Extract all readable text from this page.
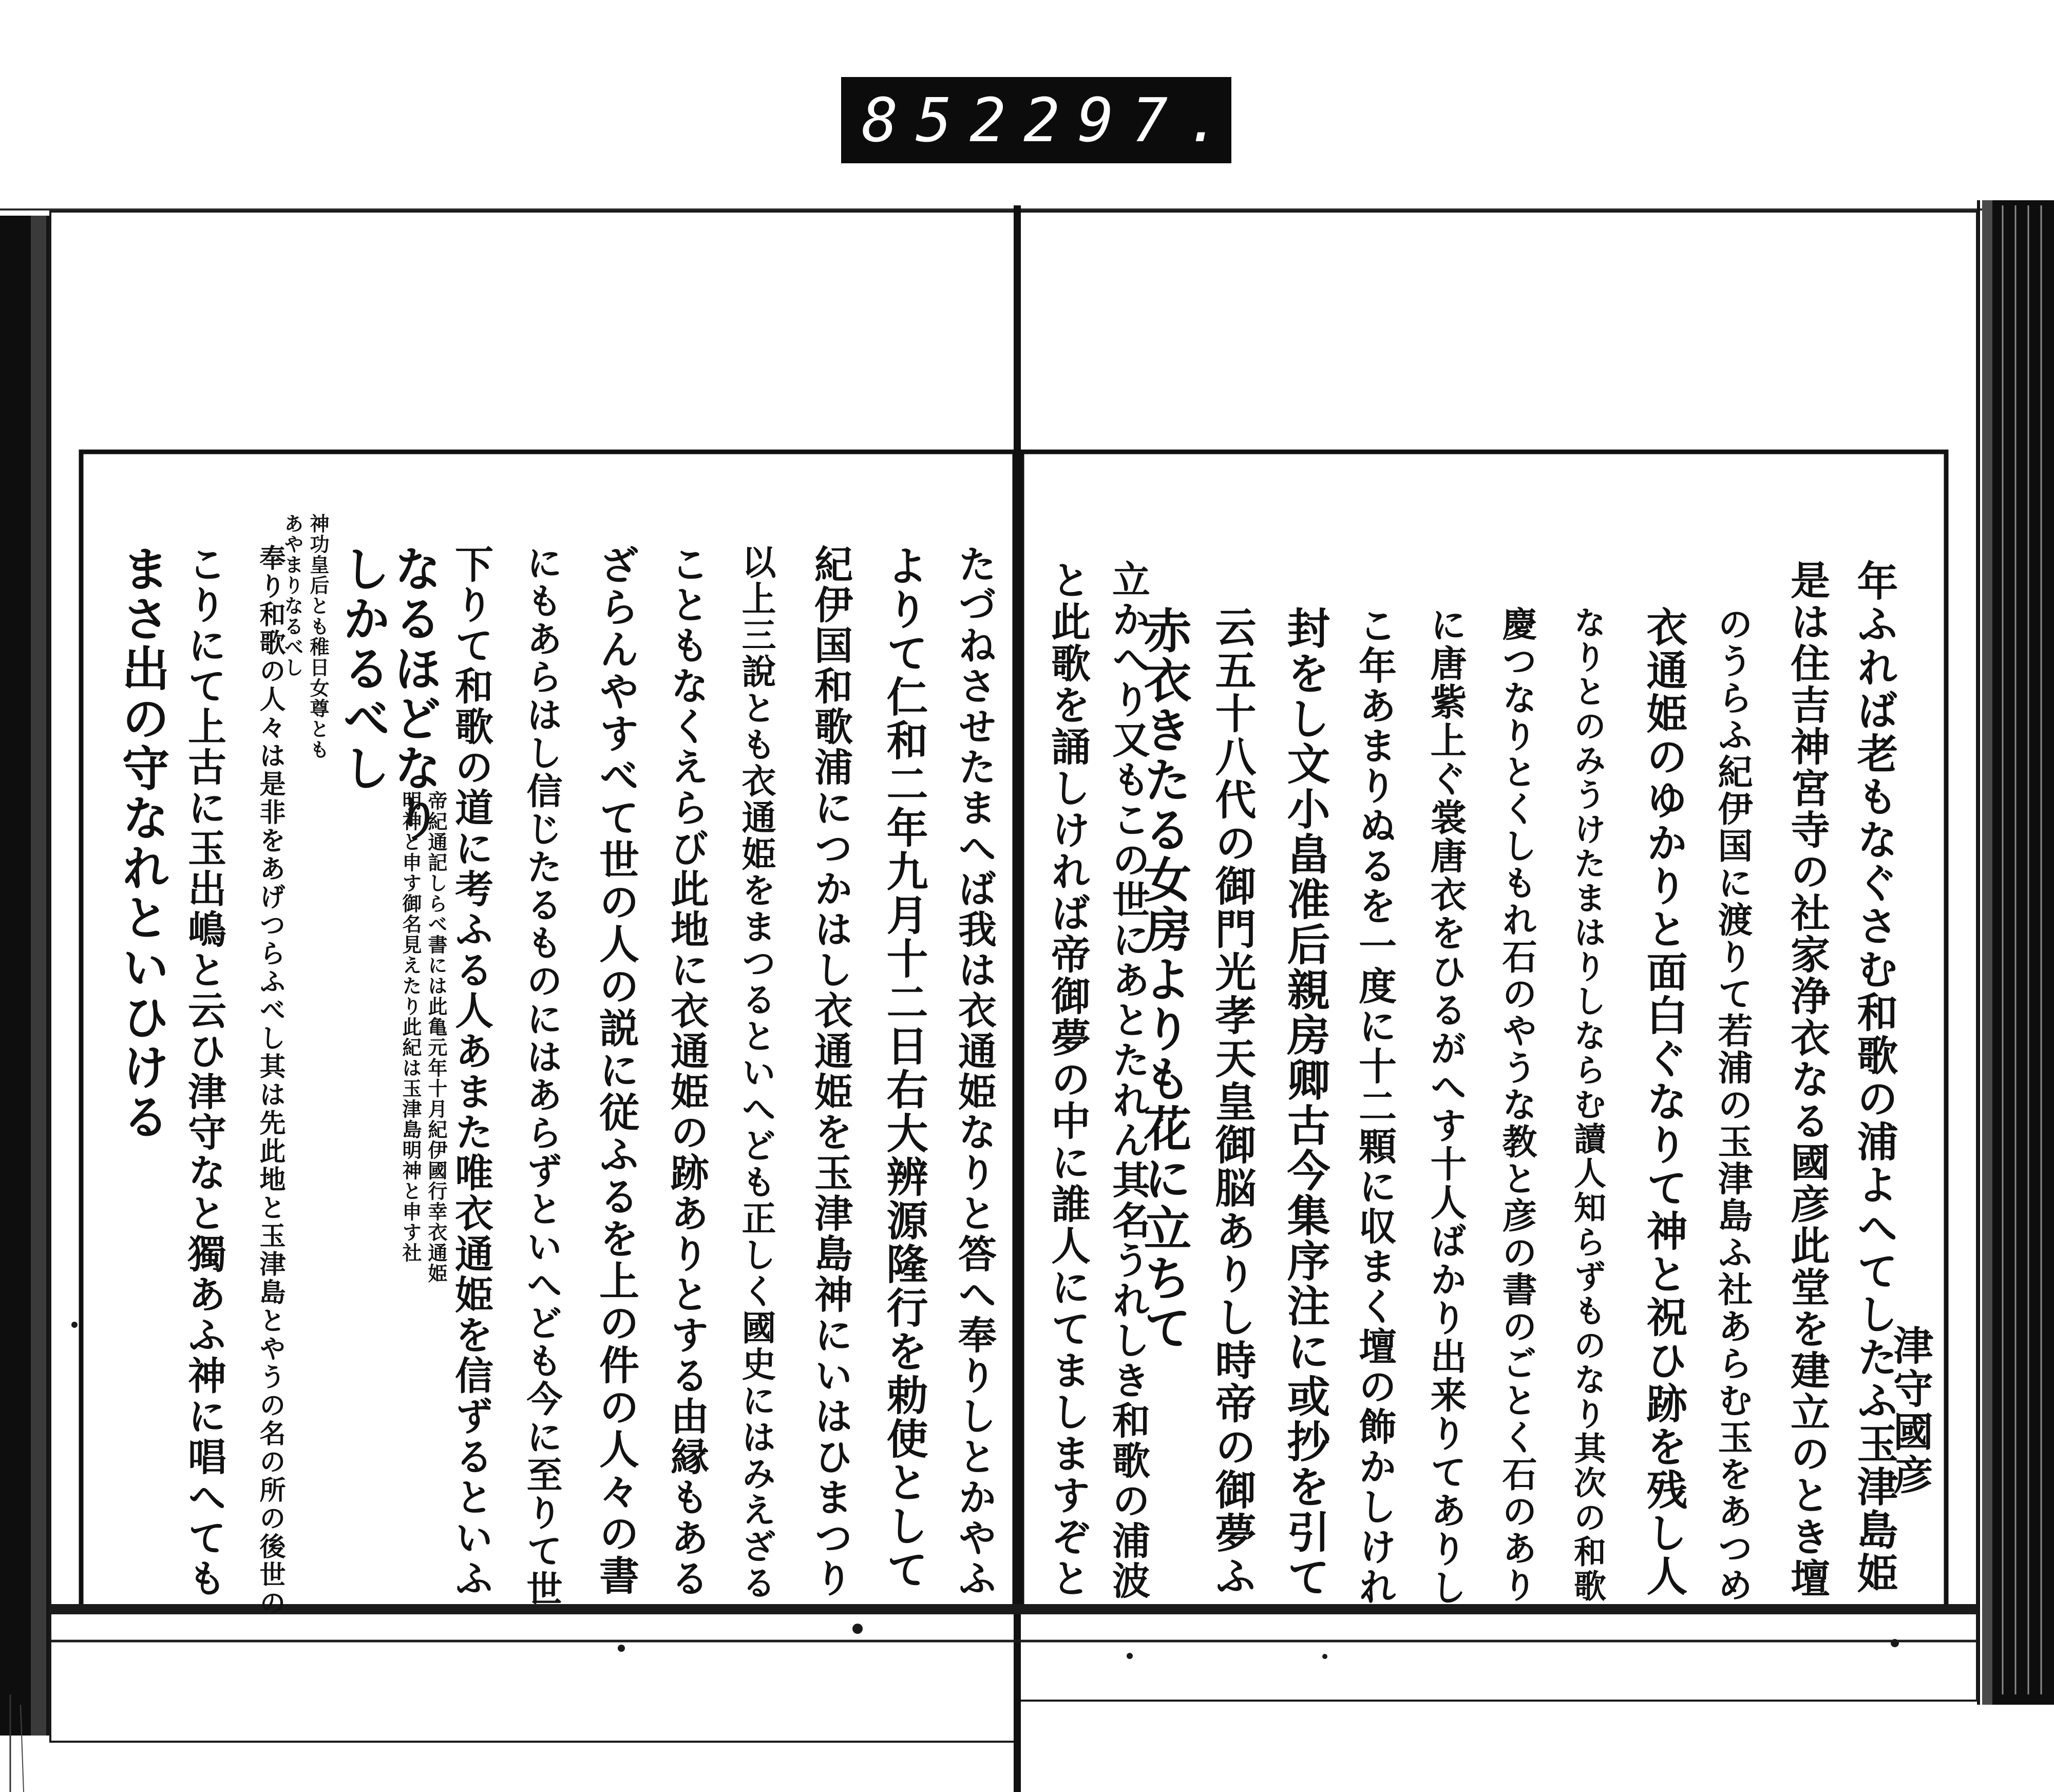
852 297.
津守國彦
年ふれば老もなぐさむ和歌の浦よへてしたふ玉津島姫
是は住吉神宮寺の社家浄衣なる國彦此堂を建立のとき壇
のうらふ紀伊国に渡りて若浦の玉津島ふ社あらむ玉をあつめ
衣通姫のゆかりと面白ぐなりて神と祝ひ跡を残し人
なりとのみうけたまはりしならむ讀人知らずものなり其次の和歌
慶つなりとくしもれ石のやうな教と彦の書のごとく石のあり
に唐紫上ぐ裳唐衣をひるがへす十人ばかり出来りてありし
こ年あまりぬるを一度に十二顆に収まく壇の飾かしけれ
封をし文小畠准后親房卿古今集序注に或抄を引て
云五十八代の御門光孝天皇御脳ありし時帝の御夢ふ
赤衣きたる女房よりも花に立ちて
立かへり又もこの世にあとたれん其名うれしき和歌の浦波
と此歌を誦しければ帝御夢の中に誰人にてましますぞと
たづねさせたまへば我は衣通姫なりと答へ奉りしとかやふ
よりて仁和二年九月十二日右大辨源隆行を勅使として
紀伊国和歌浦につかはし衣通姫を玉津島神にいはひまつり
以上三說とも衣通姫をまつるといへども正しく國史にはみえざる
こともなくえらび此地に衣通姫の跡ありとする由縁もある
ざらんやすべて世の人の説に従ふるを上の件の人々の書
にもあらはし信じたるものにはあらずといへども今に至りて世
下りて和歌の道に考ふる人あまた唯衣通姫を信ずるといふ
なるほどなり
しかるべし
帝紀通記しらべ書には此亀元年十月紀伊國行幸衣通姫
明神と申す御名見えたり此紀は玉津島明神と申す社
神功皇后とも稚日女尊とも
あやまりなるべし
奉り和歌の人々は是非をあげつらふべし其は先此地と玉津島とやうの名の所の後世の
こりにて上古に玉出嶋と云ひ津守なと獨あふ神に唱へても
まさ出の守なれといひける
